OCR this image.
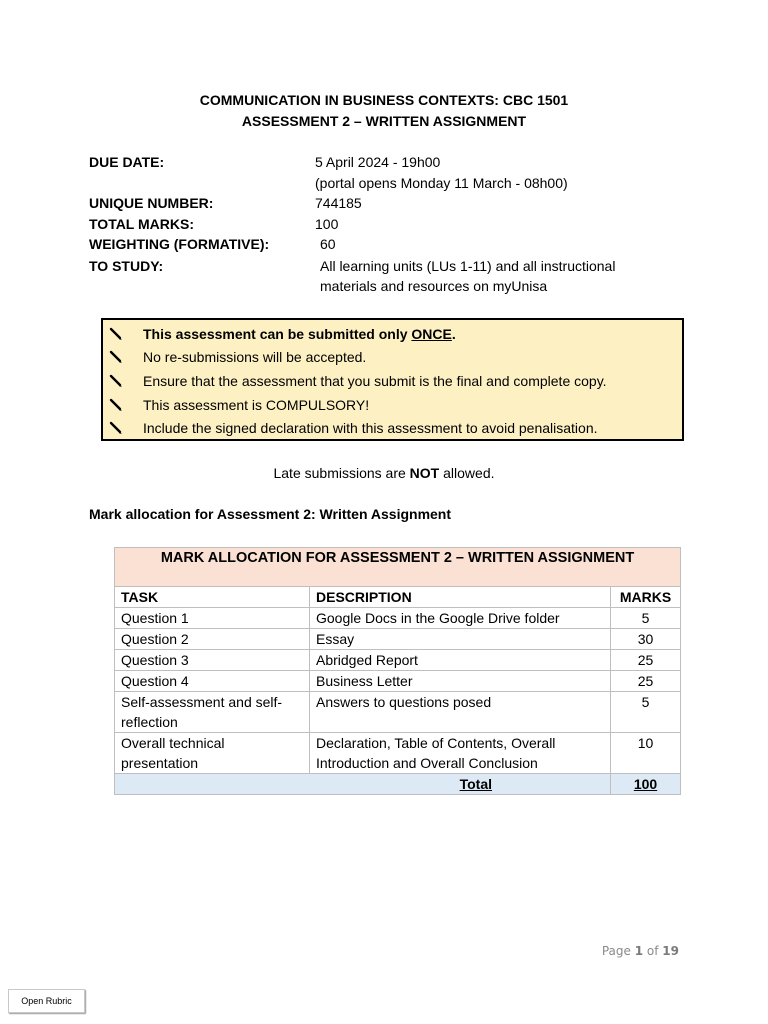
COMMUNICATION IN BUSINESS CONTEXTS: CBC 1501
ASSESSMENT 2 – WRITTEN ASSIGNMENT
DUE DATE:	5 April 2024 - 19h00
(portal opens Monday 11 March - 08h00)
UNIQUE NUMBER:	744185
TOTAL MARKS:	100
WEIGHTING (FORMATIVE):	60
TO STUDY:	All learning units (LUs 1-11) and all instructional
materials and resources on myUnisa
This assessment can be submitted only ONCE.
No re-submissions will be accepted.
Ensure that the assessment that you submit is the final and complete copy.
This assessment is COMPULSORY!
Include the signed declaration with this assessment to avoid penalisation.
Late submissions are NOT allowed.
Mark allocation for Assessment 2: Written Assignment
MARK ALLOCATION FOR ASSESSMENT 2 – WRITTEN ASSIGNMENT		
TASK	DESCRIPTION	MARKS
Question 1	Google Docs in the Google Drive folder	5
Question 2	Essay	30
Question 3	Abridged Report	25
Question 4	Business Letter	25
Self-assessment and self-reflection	Answers to questions posed	5
Overall technical presentation	Declaration, Table of Contents, Overall Introduction and Overall Conclusion	10
Total		100
Page 1 of 19
Open Rubric
